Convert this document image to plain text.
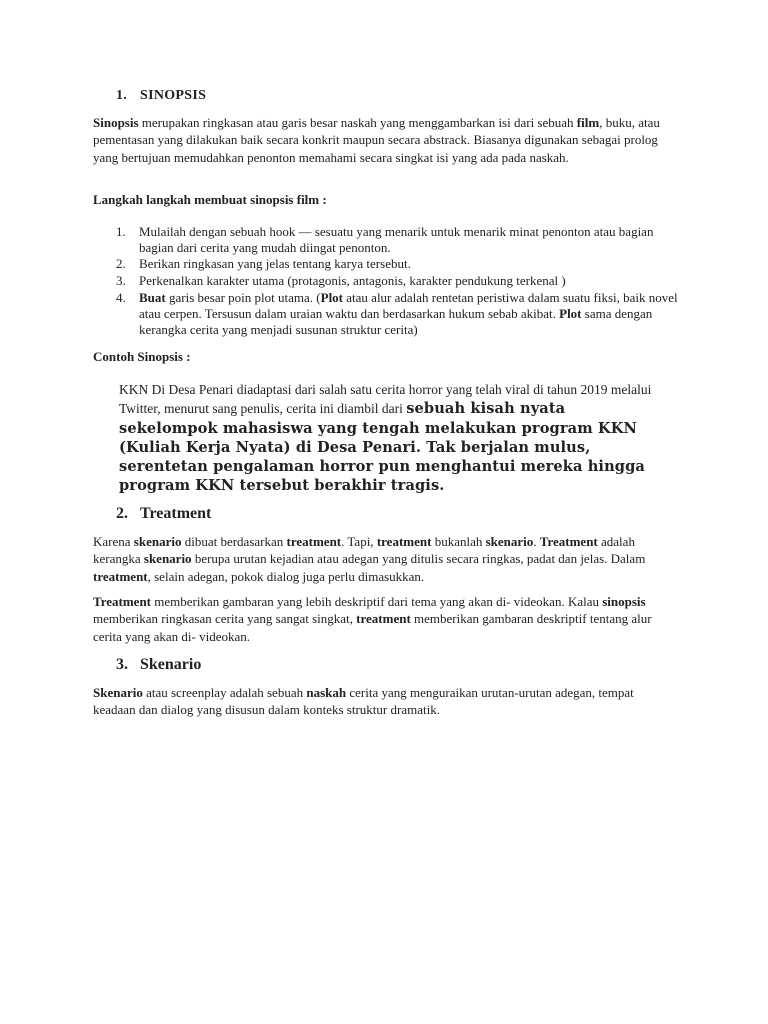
1. SINOPSIS
Sinopsis merupakan ringkasan atau garis besar naskah yang menggambarkan isi dari sebuah film, buku, atau pementasan yang dilakukan baik secara konkrit maupun secara abstrack. Biasanya digunakan sebagai prolog yang bertujuan memudahkan penonton memahami secara singkat isi yang ada pada naskah.
Langkah langkah membuat sinopsis film :
1. Mulailah dengan sebuah hook — sesuatu yang menarik untuk menarik minat penonton atau bagian bagian dari cerita yang mudah diingat penonton.
2. Berikan ringkasan yang jelas tentang karya tersebut.
3. Perkenalkan karakter utama (protagonis, antagonis, karakter pendukung terkenal )
4. Buat garis besar poin plot utama. (Plot atau alur adalah rentetan peristiwa dalam suatu fiksi, baik novel atau cerpen. Tersusun dalam uraian waktu dan berdasarkan hukum sebab akibat. Plot sama dengan kerangka cerita yang menjadi susunan struktur cerita)
Contoh Sinopsis :
KKN Di Desa Penari diadaptasi dari salah satu cerita horror yang telah viral di tahun 2019 melalui Twitter, menurut sang penulis, cerita ini diambil dari sebuah kisah nyata sekelompok mahasiswa yang tengah melakukan program KKN (Kuliah Kerja Nyata) di Desa Penari. Tak berjalan mulus, serentetan pengalaman horror pun menghantui mereka hingga program KKN tersebut berakhir tragis.
2. Treatment
Karena skenario dibuat berdasarkan treatment. Tapi, treatment bukanlah skenario. Treatment adalah kerangka skenario berupa urutan kejadian atau adegan yang ditulis secara ringkas, padat dan jelas. Dalam treatment, selain adegan, pokok dialog juga perlu dimasukkan.
Treatment memberikan gambaran yang lebih deskriptif dari tema yang akan di- videokan. Kalau sinopsis memberikan ringkasan cerita yang sangat singkat, treatment memberikan gambaran deskriptif tentang alur cerita yang akan di- videokan.
3. Skenario
Skenario atau screenplay adalah sebuah naskah cerita yang menguraikan urutan-urutan adegan, tempat keadaan dan dialog yang disusun dalam konteks struktur dramatik.
